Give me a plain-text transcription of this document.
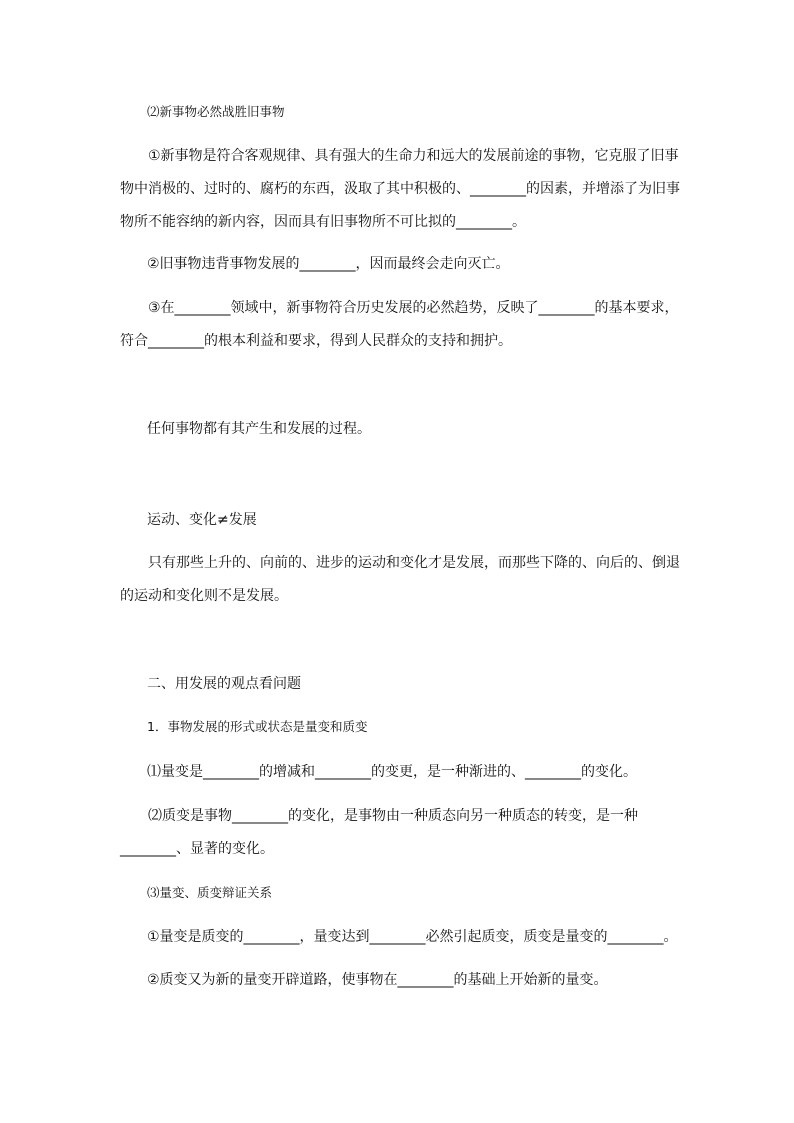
⑵新事物必然战胜旧事物
①新事物是符合客观规律、具有强大的生命力和远大的发展前途的事物，它克服了旧事物中消极的、过时的、腐朽的东西，汲取了其中积极的、________的因素，并增添了为旧事物所不能容纳的新内容，因而具有旧事物所不可比拟的________。
②旧事物违背事物发展的________，因而最终会走向灭亡。
③在________领域中，新事物符合历史发展的必然趋势，反映了________的基本要求，符合________的根本利益和要求，得到人民群众的支持和拥护。
任何事物都有其产生和发展的过程。
运动、变化≠发展
只有那些上升的、向前的、进步的运动和变化才是发展，而那些下降的、向后的、倒退的运动和变化则不是发展。
二、用发展的观点看问题
1．事物发展的形式或状态是量变和质变
⑴量变是________的增减和________的变更，是一种渐进的、________的变化。
⑵质变是事物________的变化，是事物由一种质态向另一种质态的转变，是一种________、显著的变化。
⑶量变、质变辩证关系
①量变是质变的________，量变达到________必然引起质变，质变是量变的________。
②质变又为新的量变开辟道路，使事物在________的基础上开始新的量变。
